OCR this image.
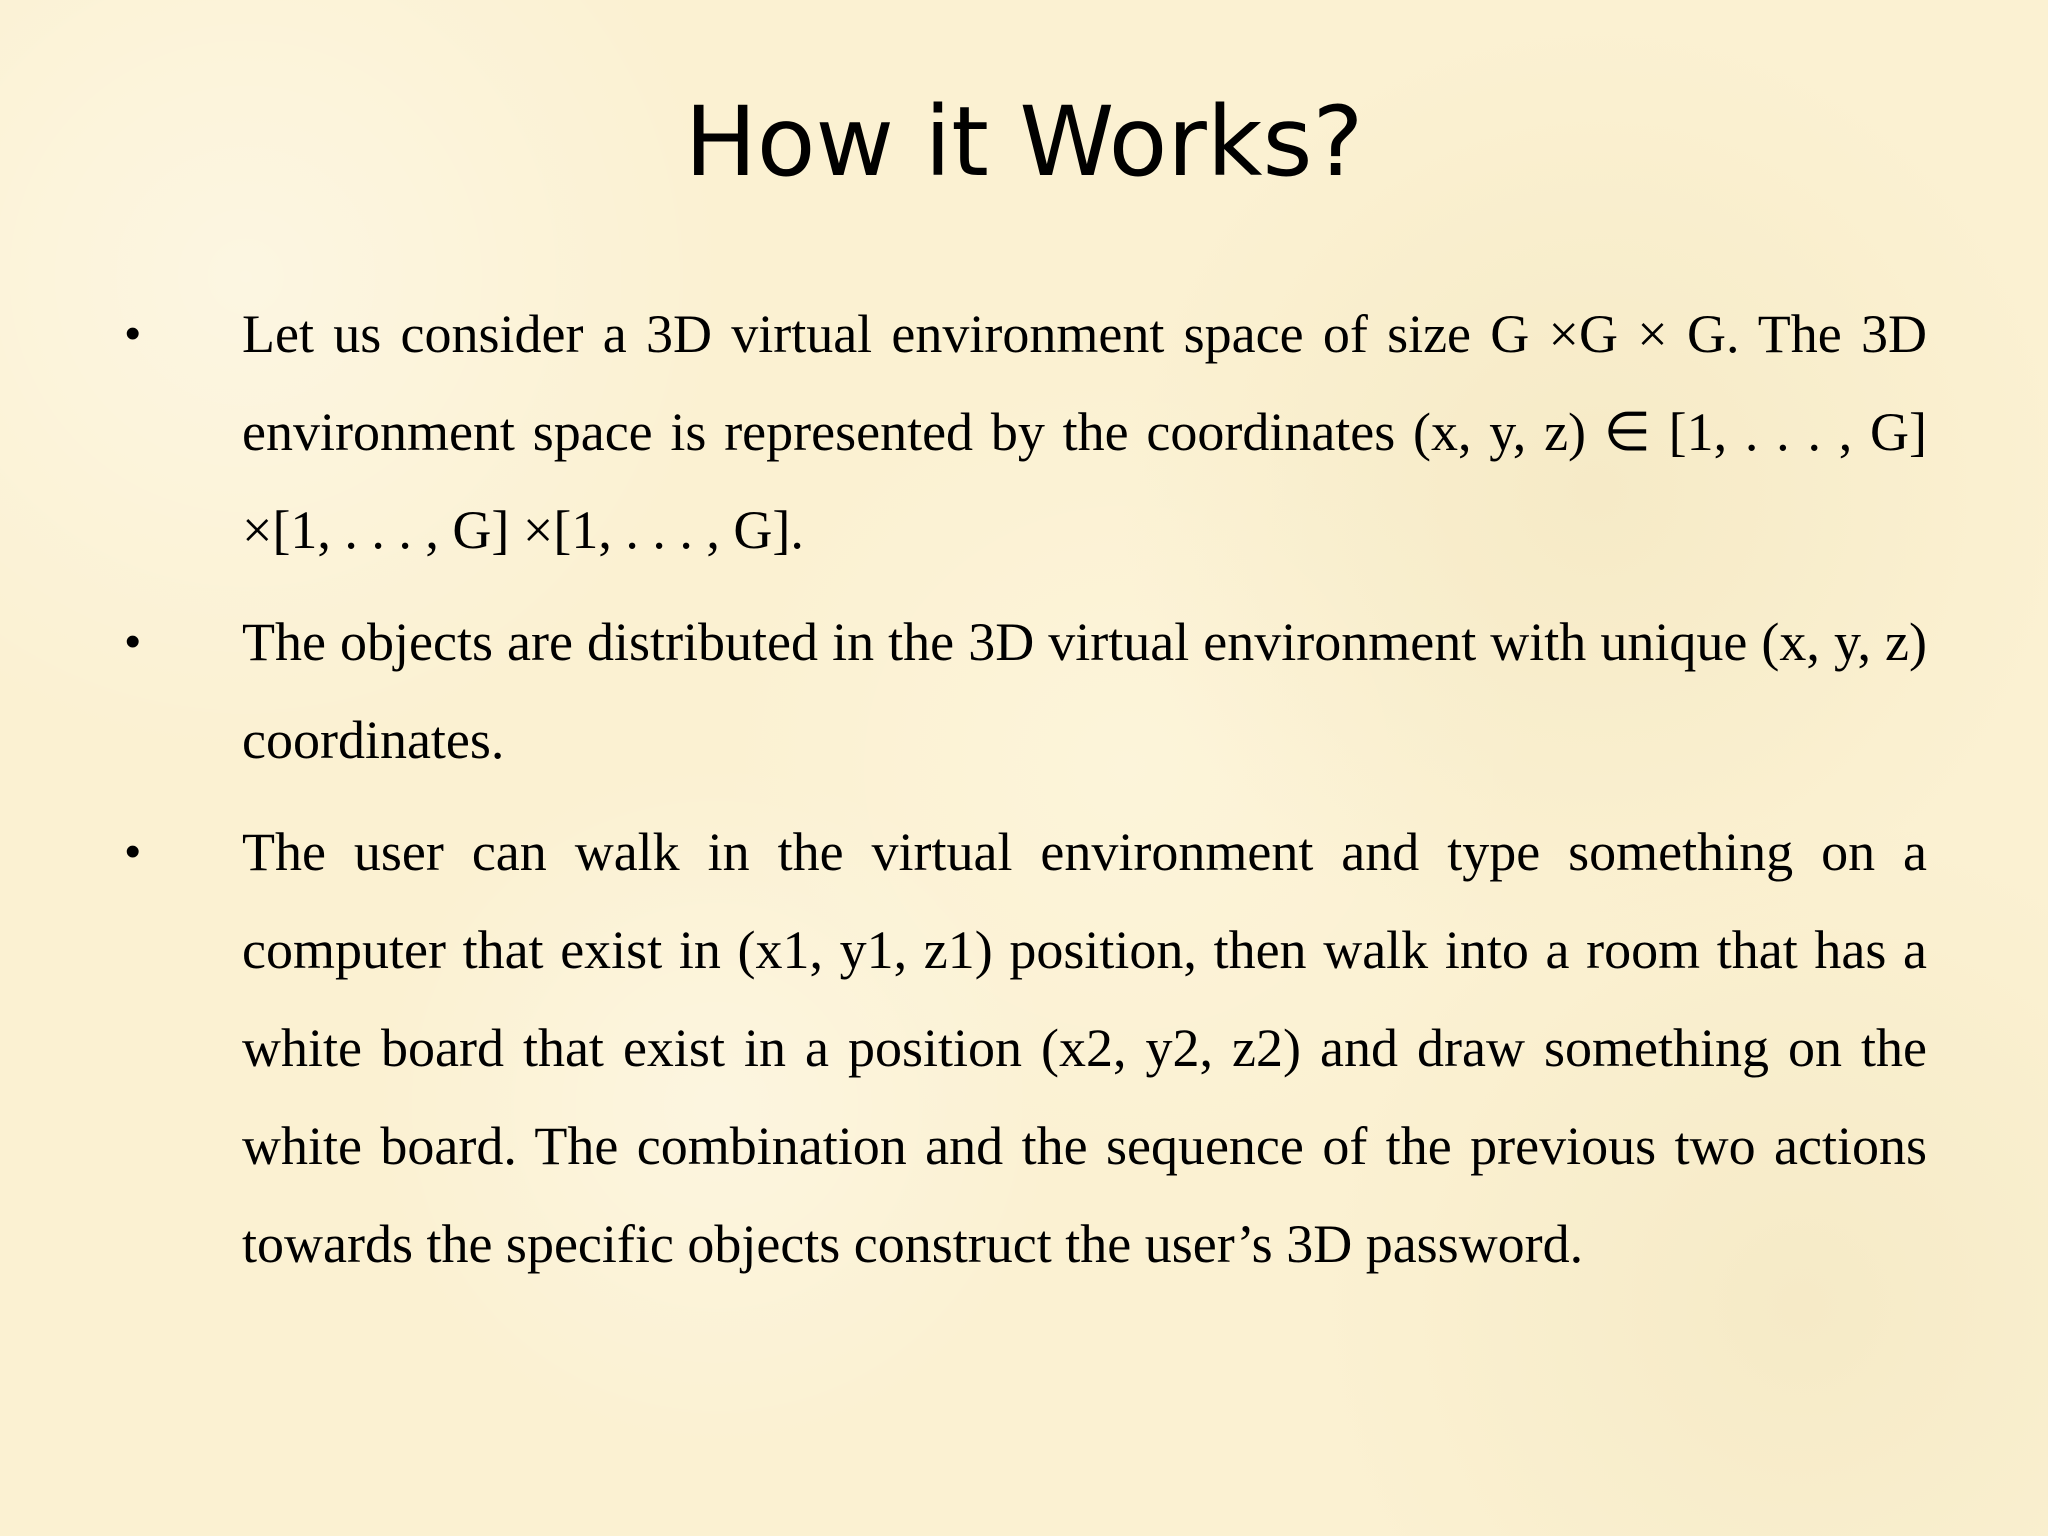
How it Works?
• Let us consider a 3D virtual environment space of size G ×G × G. The 3D environment space is represented by the coordinates (x, y, z) ∈ [1, . . . , G] ×[1, . . . , G] ×[1, . . . , G].
• The objects are distributed in the 3D virtual environment with unique (x, y, z) coordinates.
• The user can walk in the virtual environment and type something on a computer that exist in (x1, y1, z1) position, then walk into a room that has a white board that exist in a position (x2, y2, z2) and draw something on the white board. The combination and the sequence of the previous two actions towards the specific objects construct the user’s 3D password.
